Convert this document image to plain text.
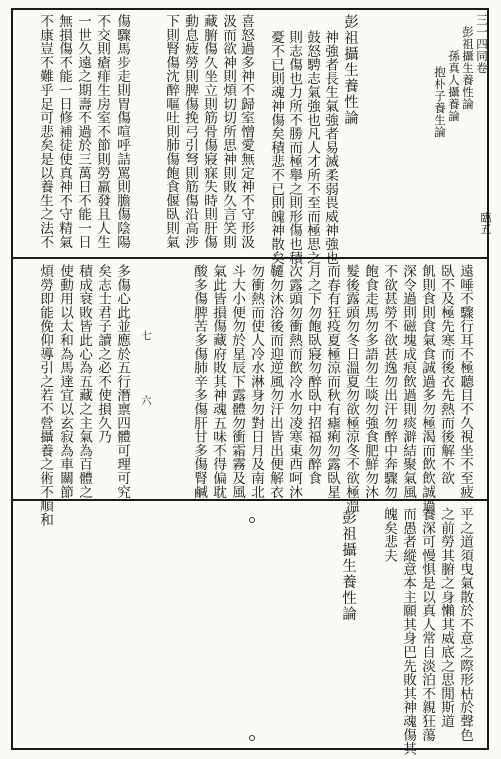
三一四同卷
彭祖攝生養性論
孫真人攝養論
抱朴子養生論
臨五
彭祖攝生養性論
神強者長生氣強者易滅柔弱畏威神強也
鼓怒騁志氣強也凡人才所不至而極思之
則志傷也力所不勝而極舉之則形傷也積
憂不已則魂神傷矣積悲不已則魄神散矣
喜怒過多神不歸室憎愛無定神不守形汲
汲而欲神則煩切切所思神則敗久言笑則
藏腑傷久坐立則筋骨傷寢寐失時則肝傷
動息疲勞則脾傷挽弓引弩則筋傷沿高涉
下則腎傷沈醉嘔吐則肺傷飽食偃臥則氣
傷驟馬步走則胃傷喧呼詰罵則膽傷陰陽
不交則瘡痱生房室不節則勞羸發且人生
一世久遠之期壽不過於三萬日不能一日
無損傷不能一日修補徒使真神不守精氣
不康豈不難乎足可悲矣是以養生之法不
遠唾不驟行耳不極聽目不久視坐不至疲
臥不及極先寒而後衣先熱而後解不欲
飢則食則食氣食誠過多勿極渴而飲飲誠過
深令過則磁塊成痕飲過則痰澼結聚氣風
不欲甚勞不欲甚逸勿出汗勿醉中奔驟勿
飽食走馬勿多語勿生啖勿強食肥鮮勿沐
髮後露頭勿冬日溫夏勿欲極涼冬不欲極溫
而春有狂疫夏極涼而秋有瘧痢勿露臥星
月之下勿飽臥寢勿醉臥中招福勿醉食
次露頭勿衝熱而飲冷水勿凌寒東西呵沐
韆勿沐浴後而迎逆風勿汗出皆出便解衣
勿衝熱而使人冷水淋身勿對日月及南北
斗大小便勿於星辰下露體勿衝霜霧及風
氣此皆損傷藏府敗其神魂五味不得偏耽
酸多傷脾苦多傷肺辛多傷肝甘多傷腎鹹
多傷心此並應於五行潛禀四體可理可究
矣志士君子讀之必不使損久乃
積成衰敗皆此心為五藏之主氣為百體之
使動用以太和為馬達宜以玄寂為車關節
煩勞即能俛仰導引之若不營攝養之術不順和	七
六
平之道須曳氣散於不意之際形枯於聲色
之前勞其腑之身懶其威底之思閒斯道
養深可慢惧是以真人常自淡泊不親狂蕩
而愚者縱意本主願其身巴先敗其神魂傷其
魄矣悲夫
彭祖攝生養性論
